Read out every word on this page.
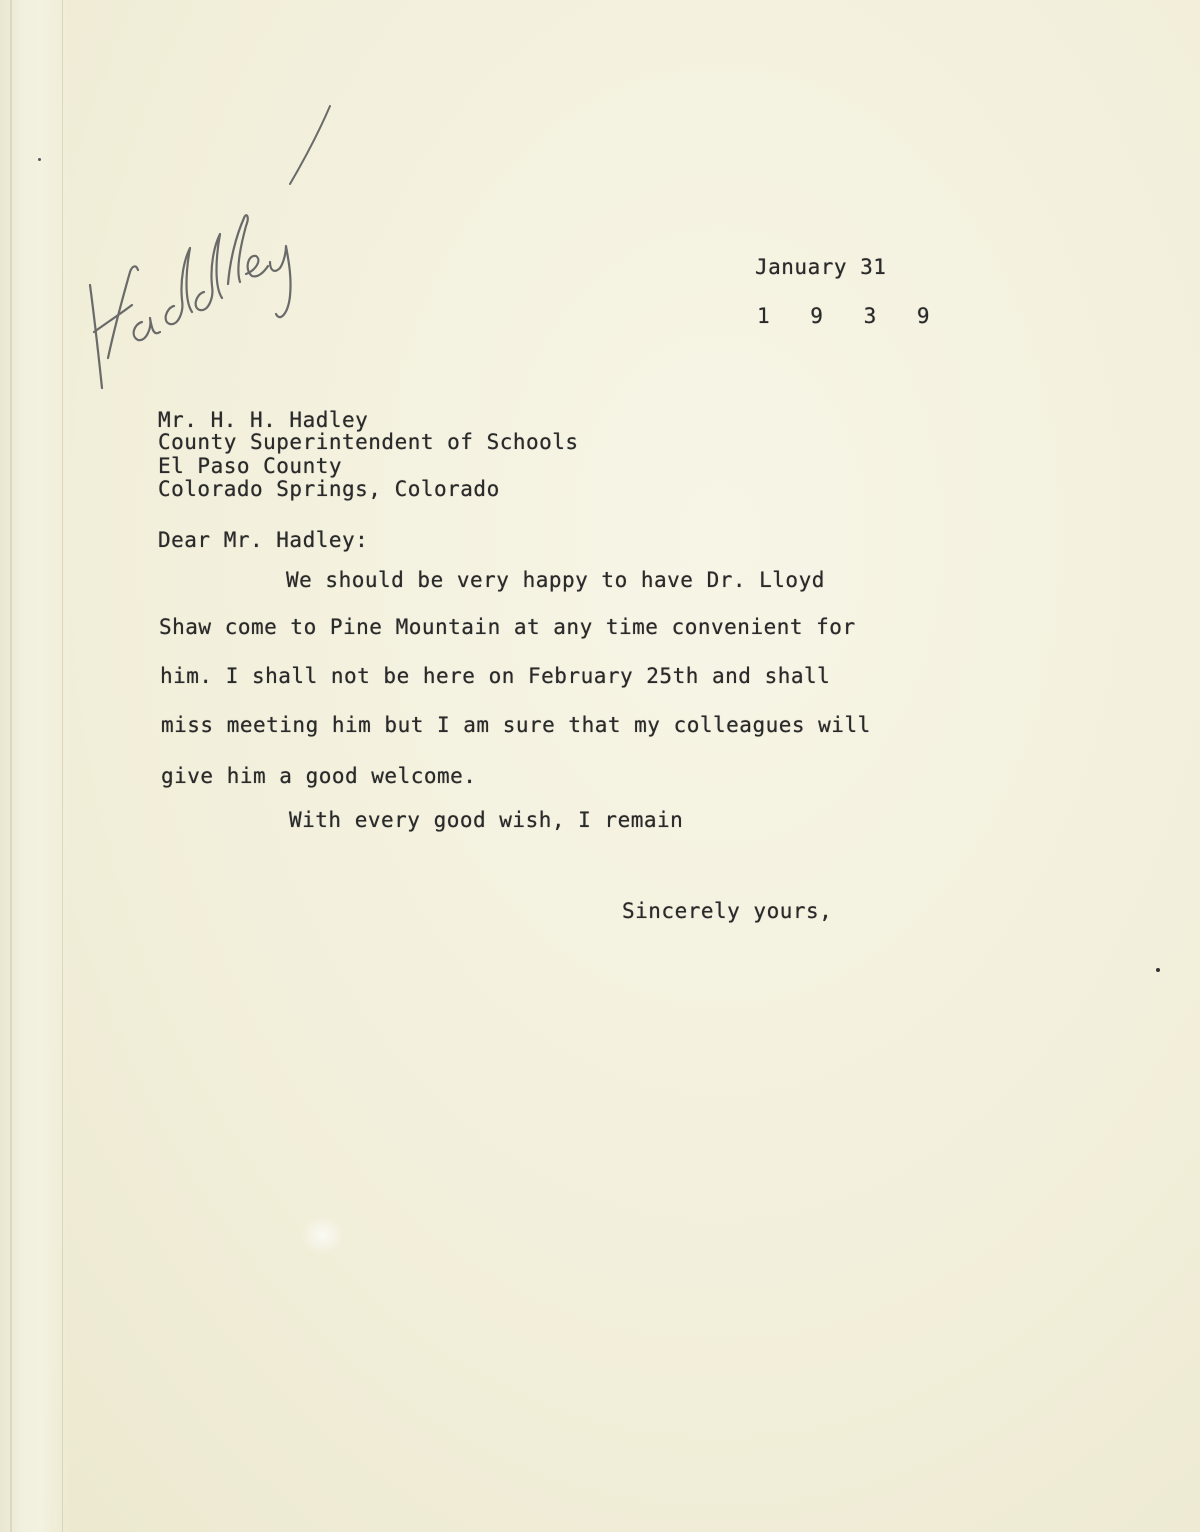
January 31

1 9 3 9

Mr. H. H. Hadley

County Superintendent of Schools

El Paso County

Colorado Springs, Colorado

Dear Mr. Hadley:

We should be very happy to have Dr. Lloyd

Shaw come to Pine Mountain at any time convenient for

him. I shall not be here on February 25th and shall

miss meeting him but I am sure that my colleagues will

give him a good welcome.

With every good wish, I remain

Sincerely yours,
